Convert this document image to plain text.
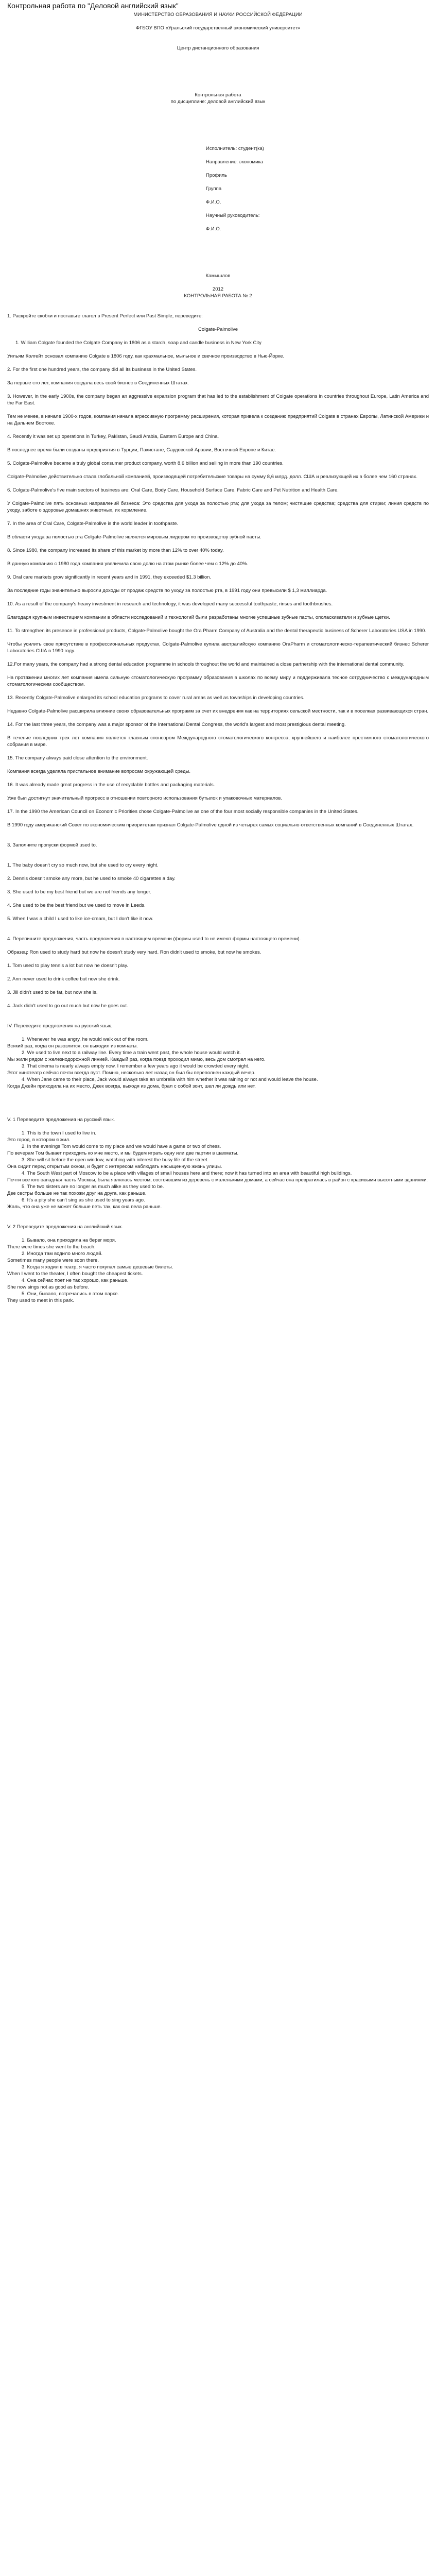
Контрольная работа по "Деловой английский язык"

МИНИСТЕРСТВО ОБРАЗОВАНИЯ И НАУКИ РОССИЙСКОЙ ФЕДЕРАЦИИ

ФГБОУ ВПО «Уральский государственный экономический университет»

Центр дистанционного образования

Контрольная работа

по дисциплине: деловой английский язык

Исполнитель: студент(ка)

Направление: экономика

Профиль

Группа

Ф.И.О.

Научный руководитель:

Ф.И.О.

Камышлов

2012

КОНТРОЛЬНАЯ РАБОТА № 2

1. Раскройте скобки и поставьте глагол в Present Perfect или Past Simple, переведите:

Colgate-Palmolive

1. William Colgate founded the Colgate Company in 1806 as a starch, soap and candle business in New York City

Уильям Колгейт основал компанию Colgate в 1806 году, как крахмальное, мыльное и свечное производство в Нью-Йорке.

2. For the first one hundred years, the company did all its business in the United States.

За первые сто лет, компания создала весь свой бизнес в Соединенных Штатах.

3. However, in the early 1900s, the company began an aggressive expansion program that has led to the establishment of Colgate operations in countries throughout Europe, Latin America and the Far East.

Тем не менее, в начале 1900-х годов, компания начала агрессивную программу расширения, которая привела к созданию предприятий Colgate в странах Европы, Латинской Америки и на Дальнем Востоке.

4. Recently it was set up operations in Turkey, Pakistan, Saudi Arabia, Eastern Europe and China.

В последнее время были созданы предприятия в Турции, Пакистане, Саудовской Аравии, Восточной Европе и Китае.

5. Colgate-Palmolive became a truly global consumer product company, worth 8,6 billion and selling in more than 190 countries.

Colgate-Palmolive действительно стала глобальной компанией, производящей потребительские товары на сумму 8,6 млрд. долл. США и реализующей их в более чем 160 странах.

6. Colgate-Palmolive's five main sectors of business are: Oral Care, Body Care, Household Surface Care, Fabric Care and Pet Nutrition and Health Care.

У Colgate-Palmolive пять основных направлений бизнеса: Это средства для ухода за полостью рта; для ухода за телом; чистящие средства; средства для стирки; линия средств по уходу, заботе о здоровье домашних животных, их кормление.

7. In the area of Oral Care, Colgate-Palmolive is the world leader in toothpaste.

В области ухода за полостью рта Colgate-Palmolive является мировым лидером по производству зубной пасты.

8. Since 1980, the company increased its share of this market by more than 12% to over 40% today.

В данную компанию с 1980 года компания увеличила свою долю на этом рынке более чем с 12% до 40%.

9. Oral care markets grow significantly in recent years and in 1991, they exceeded $1.3 billion.

За последние годы значительно выросли доходы от продаж средств по уходу за полостью рта, в 1991 году они превысили $ 1,3 миллиарда.

10. As a result of the company's heavy investment in research and technology, it was developed many successful toothpaste, rinses and toothbrushes.

Благодаря крупным инвестициям компании в области исследований и технологий были разработаны многие успешные зубные пасты, ополаскиватели и зубные щетки.

11. To strengthen its presence in professional products, Colgate-Palmolive bought the Ora Pharm Company of Australia and the dental therapeutic business of Scherer Laboratories USA in 1990.

Чтобы усилить свое присутствие в профессиональных продуктах, Colgate-Palmolive купила австралийскую компанию OraPharm и стоматологическо-терапевтический бизнес Scherer Laboratories США в 1990 году.

12.For many years, the company had a strong dental education programme in schools throughout the world and maintained a close partnership with the international dental community.

На протяжении многих лет компания имела сильную стоматологическую программу образования в школах по всему миру и поддерживала тесное сотрудничество с международным стоматологическим сообществом.

13. Recently Colgate-Palmolive enlarged its school education programs to cover rural areas as well as townships in developing countries.

Недавно Colgate-Palmolive расширила влияние своих образовательных программ за счет их внедрения как на территориях сельской местности, так и в поселках развивающихся стран.

14. For the last three years, the company was a major sponsor of the International Dental Congress, the world's largest and most prestigious dental meeting.

В течение последних трех лет компания является главным спонсором Международного стоматологического конгресса, крупнейшего и наиболее престижного стоматологического собрания в мире.

15. The company always paid close attention to the environment.

Компания всегда уделяла пристальное внимание вопросам окружающей среды.

16. It was already made great progress in the use of recyclable bottles and packaging materials.

Уже был достигнут значительный прогресс в отношении повторного использования бутылок и упаковочных материалов.

17. In the 1990 the American Council on Economic Priorities chose Colgate-Palmolive as one of the four most socially responsible companies in the United States.

В 1990 году американский Совет по экономическим приоритетам признал Colgate-Palmolive одной из четырех самых социально-ответственных компаний в Соединенных Штатах.

3. Заполните пропуски формой used to.

1. The baby doesn't cry so much now, but she used to cry every night.

2. Dennis doesn't smoke any more, but he used to smoke 40 cigarettes a day.

3. She used to be my best friend but we are not friends any longer.

4. She used to be the best friend but we used to move in Leeds.

5. When I was a child I used to like ice-cream, but I don't like it now.

4. Перепишите предложения, часть предложения в настоящем времени (формы used to не имеют формы настоящего времени).

Образец: Ron used to study hard but now he doesn't study very hard. Ron didn't used to smoke, but now he smokes.

1. Tom used to play tennis a lot but now he doesn't play.

2. Ann never used to drink coffee but now she drink.

3. Jill didn't used to be fat, but now she is.

4. Jack didn't used to go out much but now he goes out.

IV. Переведите предложения на русский язык.

1. Whenever he was angry, he would walk out of the room.

Всякий раз, когда он разозлится, он выходил из комнаты.

2. We used to live next to a railway line. Every time a train went past, the whole house would watch it.

Мы жили рядом с железнодорожной линией. Каждый раз, когда поезд проходил мимо, весь дом смотрел на него.

3. That cinema is nearly always empty now. I remember a few years ago it would be crowded every night.

Этот кинотеатр сейчас почти всегда пуст. Помню, несколько лет назад он был бы переполнен каждый вечер.

4. When Jane came to their place, Jack would always take an umbrella with him whether it was raining or not and would leave the house.

Когда Джейн приходила на их место, Джек всегда, выходя из дома, брал с собой зонт, шел ли дождь или нет.

V. 1 Переведите предложения на русский язык.

1. This is the town I used to live in.

Это город, в котором я жил.

2. In the evenings Tom would come to my place and we would have a game or two of chess.

По вечерам Том бывает приходить ко мне место, и мы будем играть одну или две партии в шахматы.

3. She will sit before the open window, watching with interest the busy life of the street.

Она сидит перед открытым окном, и будет с интересом наблюдать насыщенную жизнь улицы.

4. The South West part of Moscow to be a place with villages of small houses here and there; now it has turned into an area with beautiful high buildings.

Почти все юго-западная часть Москвы, была являлась местом, состоявшим из деревень с маленькими домами; а сейчас она превратилась в район с красивыми высотными зданиями.

5. The two sisters are no longer as much alike as they used to be.

Две сестры больше не так похожи друг на друга, как раньше.

6. It's a pity she can't sing as she used to sing years ago.

Жаль, что она уже не может больше петь так, как она пела раньше.

V. 2 Переведите предложения на английский язык.

1. Бывало, она приходила на берег моря.

There were times she went to the beach.

2. Иногда там водило много людей.

Sometimes many people were soon there.

3. Когда я ходил в театр, я часто покупал самые дешевые билеты.

When I went to the theater, I often bought the cheapest tickets.

4. Она сейчас поет не так хорошо, как раньше.

She now sings not as good as before.

5. Они, бывало, встречались в этом парке.

They used to meet in this park.
